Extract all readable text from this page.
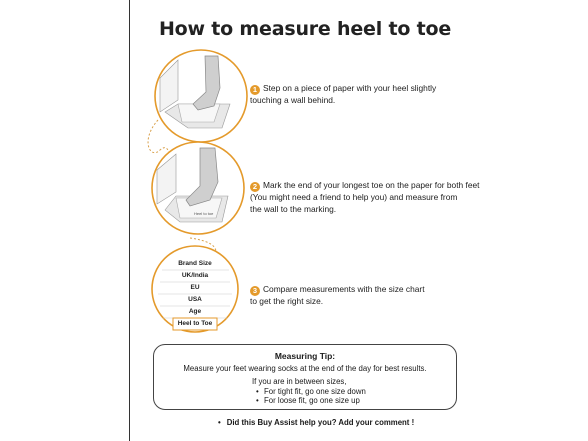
How to measure heel to toe
Heel to toe
Brand Size
UK/India
EU
USA
Age
Heel to Toe
1 Step on a piece of paper with your heel slightly
touching a wall behind.
2 Mark the end of your longest toe on the paper for both feet
(You might need a friend to help you) and measure from
the wall to the marking.
3 Compare measurements with the size chart
to get the right size.
Measuring Tip:
Measure your feet wearing socks at the end of the day for best results.
If you are in between sizes,
• For tight fit, go one size down
• For loose fit, go one size up
• Did this Buy Assist help you? Add your comment !
